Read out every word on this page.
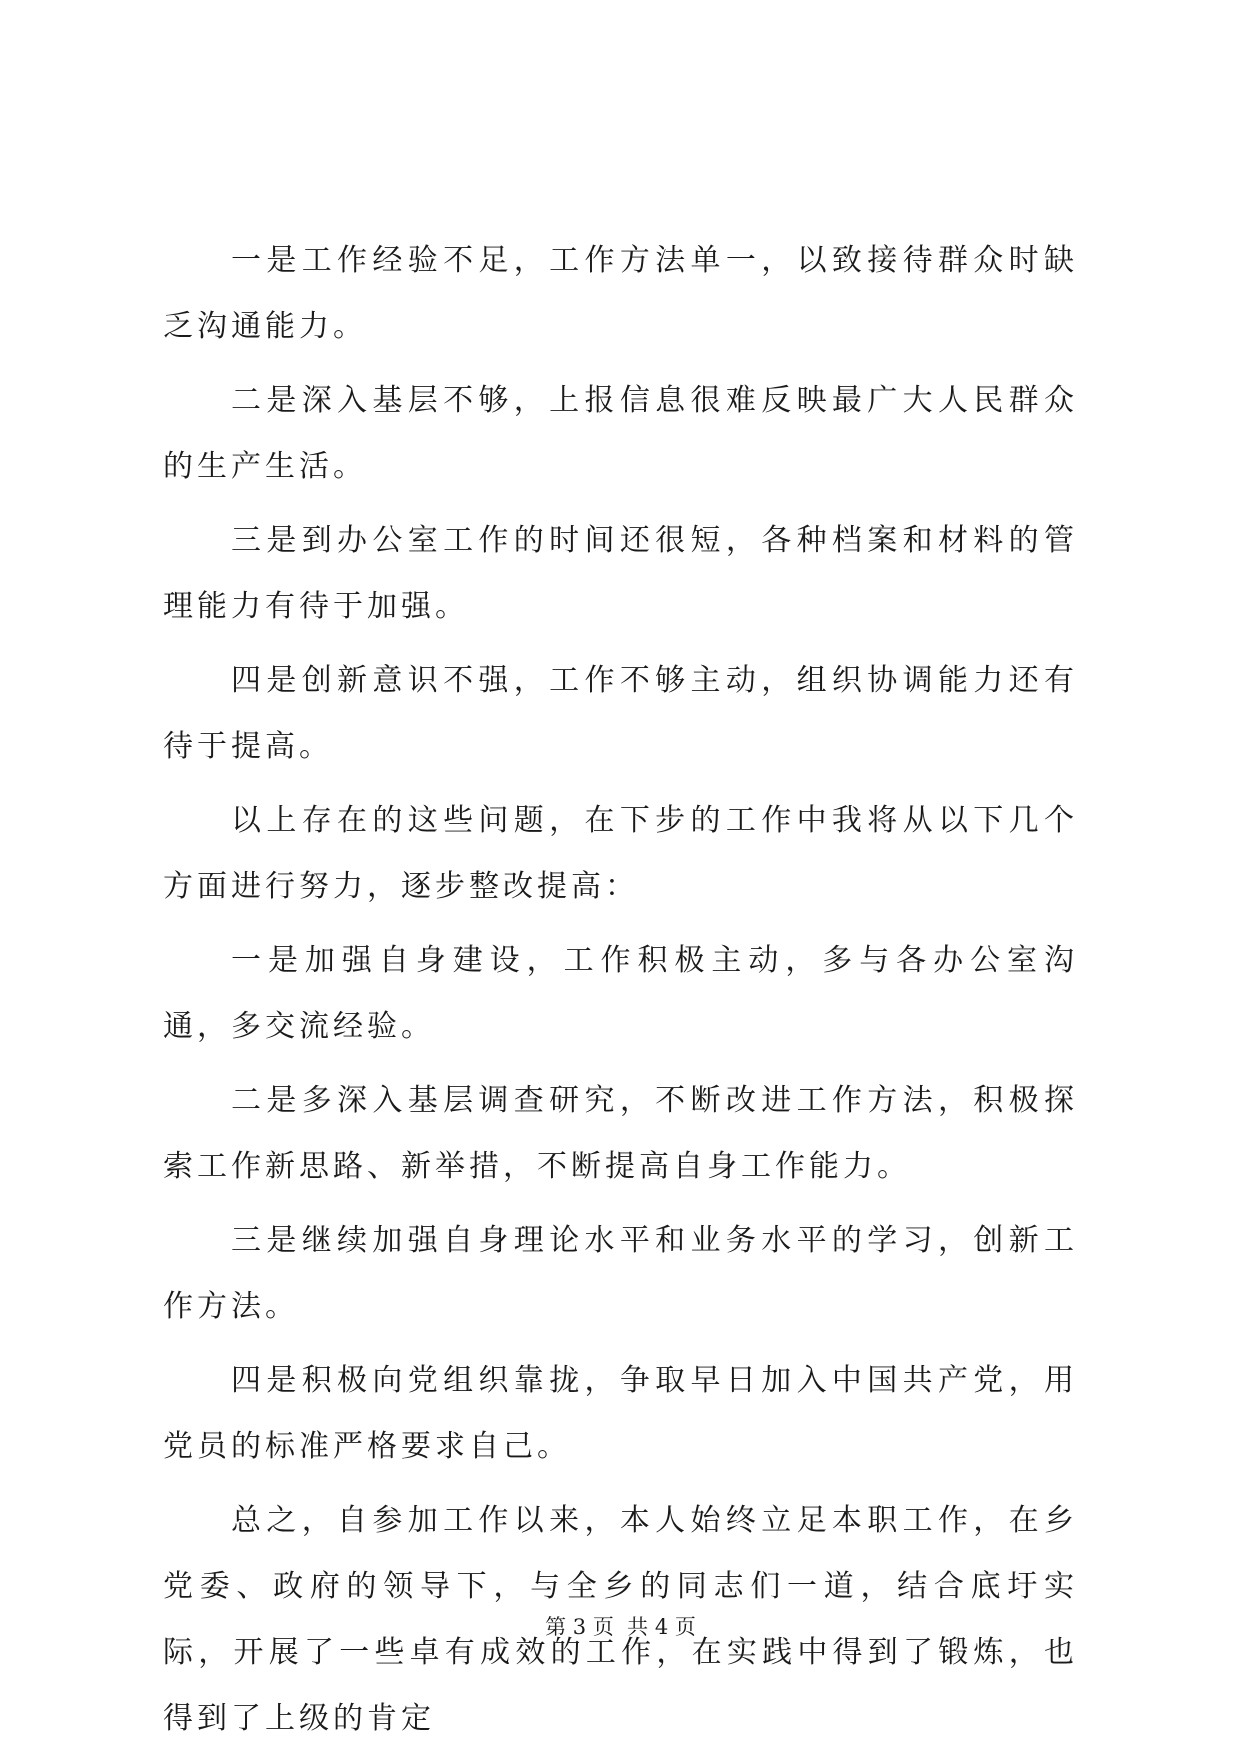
一是工作经验不足，工作方法单一，以致接待群众时缺乏沟通能力。

二是深入基层不够，上报信息很难反映最广大人民群众的生产生活。

三是到办公室工作的时间还很短，各种档案和材料的管理能力有待于加强。

四是创新意识不强，工作不够主动，组织协调能力还有待于提高。

以上存在的这些问题，在下步的工作中我将从以下几个方面进行努力，逐步整改提高：

一是加强自身建设，工作积极主动，多与各办公室沟通，多交流经验。

二是多深入基层调查研究，不断改进工作方法，积极探索工作新思路、新举措，不断提高自身工作能力。

三是继续加强自身理论水平和业务水平的学习，创新工作方法。

四是积极向党组织靠拢，争取早日加入中国共产党，用党员的标准严格要求自己。

总之，自参加工作以来，本人始终立足本职工作，在乡党委、政府的领导下，与全乡的同志们一道，结合底圩实际，开展了一些卓有成效的工作，在实践中得到了锻炼，也得到了上级的肯定

第 3 页  共 4 页
